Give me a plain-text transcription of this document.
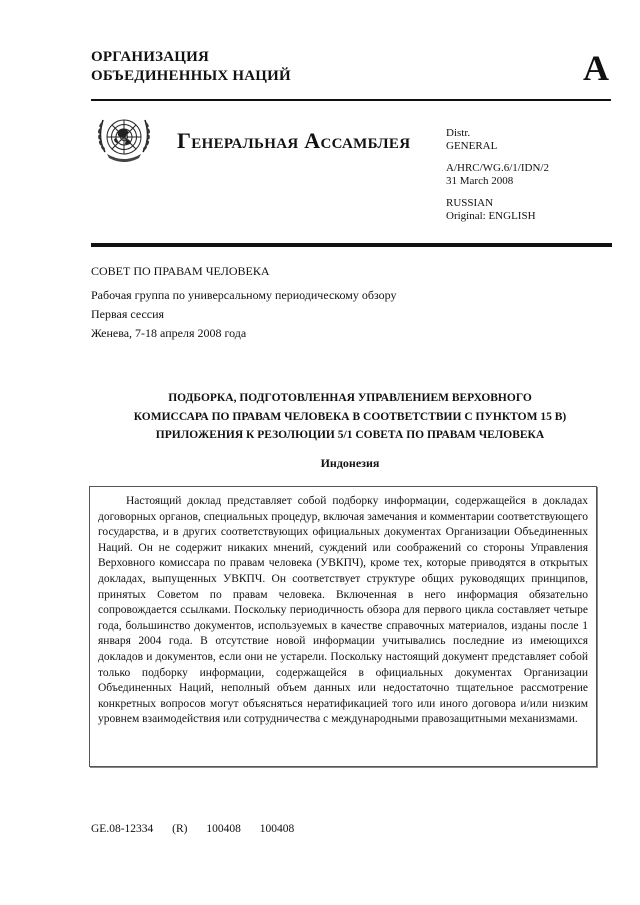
ОРГАНИЗАЦИЯ
ОБЪЕДИНЕННЫХ НАЦИЙ	A
Генеральная Ассамблея	Distr.
GENERAL
A/HRC/WG.6/1/IDN/2
31 March 2008
RUSSIAN
Original: ENGLISH
СОВЕТ ПО ПРАВАМ ЧЕЛОВЕКА
Рабочая группа по универсальному периодическому обзору
Первая сессия
Женева, 7-18 апреля 2008 года
ПОДБОРКА, ПОДГОТОВЛЕННАЯ УПРАВЛЕНИЕМ ВЕРХОВНОГО
КОМИССАРА ПО ПРАВАМ ЧЕЛОВЕКА В СООТВЕТСТВИИ С ПУНКТОМ 15 B)
ПРИЛОЖЕНИЯ К РЕЗОЛЮЦИИ 5/1 СОВЕТА ПО ПРАВАМ ЧЕЛОВЕКА
Индонезия

Настоящий доклад представляет собой подборку информации, содержащейся в докладах договорных органов, специальных процедур, включая замечания и комментарии соответствующего государства, и в других соответствующих официальных документах Организации Объединенных Наций. Он не содержит никаких мнений, суждений или соображений со стороны Управления Верховного комиссара по правам человека (УВКПЧ), кроме тех, которые приводятся в открытых докладах, выпущенных УВКПЧ. Он соответствует структуре общих руководящих принципов, принятых Советом по правам человека. Включенная в него информация обязательно сопровождается ссылками. Поскольку периодичность обзора для первого цикла составляет четыре года, большинство документов, используемых в качестве справочных материалов, изданы после 1 января 2004 года. В отсутствие новой информации учитывались последние из имеющихся докладов и документов, если они не устарели. Поскольку настоящий документ представляет собой только подборку информации, содержащейся в официальных документах Организации Объединенных Наций, неполный объем данных или недостаточно тщательное рассмотрение конкретных вопросов могут объясняться нератификацией того или иного договора и/или низким уровнем взаимодействия или сотрудничества с международными правозащитными механизмами.

GE.08-12334 (R) 100408 100408
